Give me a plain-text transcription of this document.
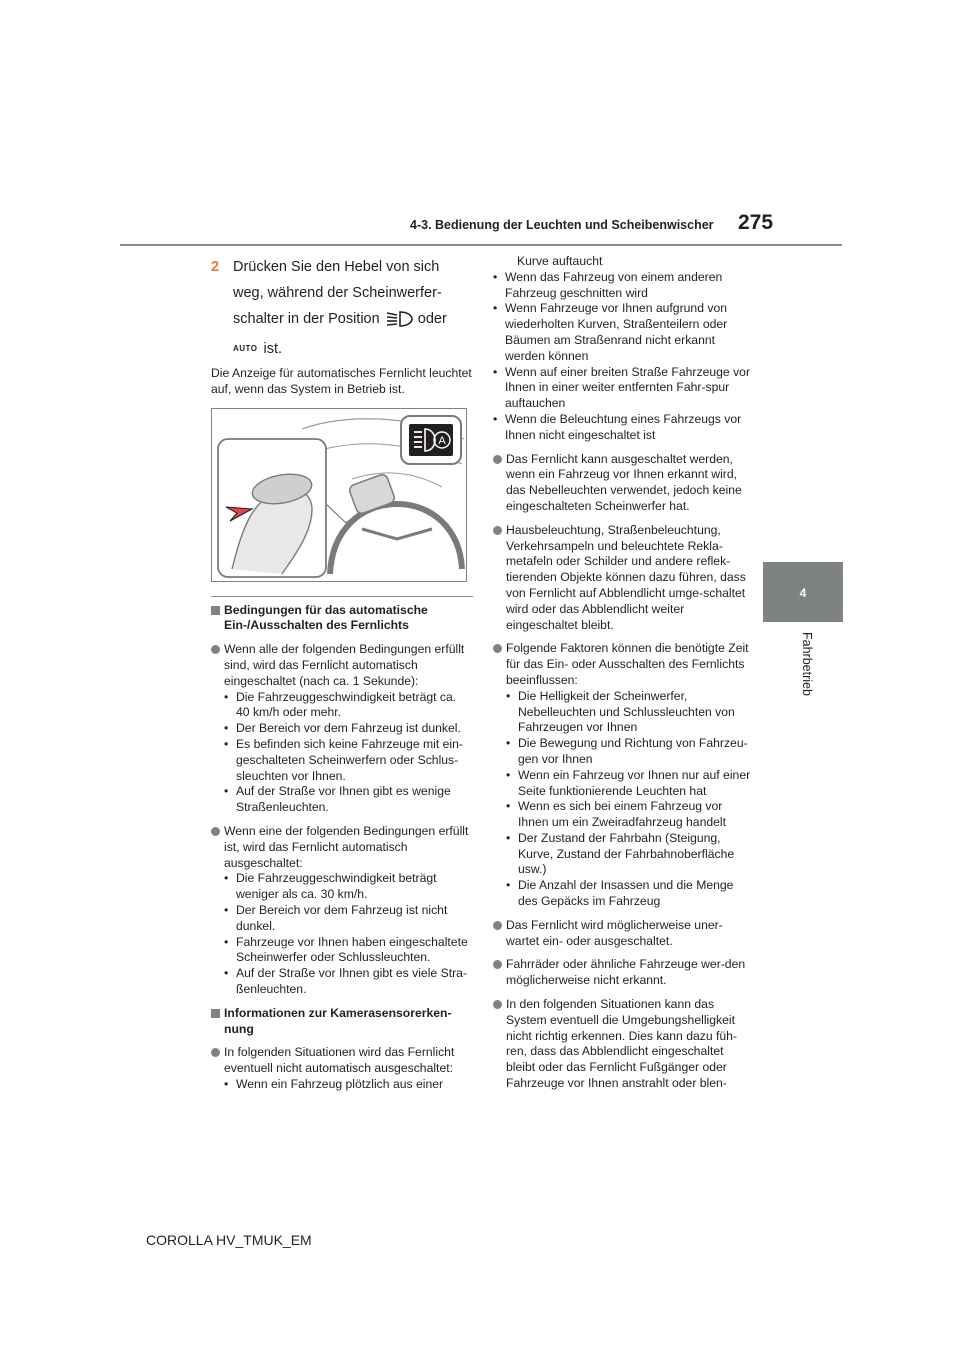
4-3. Bedienung der Leuchten und Scheibenwischer 275
4
Fahrbetrieb
2 Drücken Sie den Hebel von sich weg, während der Scheinwerfer-schalter in der Position	oder
AUTO ist.

Die Anzeige für automatisches Fernlicht leuchtet auf, wenn das System in Betrieb ist.

A
Bedingungen für das automatische Ein-/Ausschalten des Fernlichts

Wenn alle der folgenden Bedingungen erfüllt sind, wird das Fernlicht automatisch eingeschaltet (nach ca. 1 Sekunde):

• Die Fahrzeuggeschwindigkeit beträgt ca. 40 km/h oder mehr.
• Der Bereich vor dem Fahrzeug ist dunkel.
• Es befinden sich keine Fahrzeuge mit ein-geschalteten Scheinwerfern oder Schlus-sleuchten vor Ihnen.
• Auf der Straße vor Ihnen gibt es wenige Straßenleuchten.

Wenn eine der folgenden Bedingungen erfüllt ist, wird das Fernlicht automatisch ausgeschaltet:

• Die Fahrzeuggeschwindigkeit beträgt weniger als ca. 30 km/h.
• Der Bereich vor dem Fahrzeug ist nicht dunkel.
• Fahrzeuge vor Ihnen haben eingeschaltete Scheinwerfer oder Schlussleuchten.
• Auf der Straße vor Ihnen gibt es viele Stra-ßenleuchten.
Informationen zur Kamerasensorerken-nung

In folgenden Situationen wird das Fernlicht eventuell nicht automatisch ausgeschaltet:

• Wenn ein Fahrzeug plötzlich aus einer

Kurve auftaucht

• Wenn das Fahrzeug von einem anderen Fahrzeug geschnitten wird
• Wenn Fahrzeuge vor Ihnen aufgrund von wiederholten Kurven, Straßenteilern oder Bäumen am Straßenrand nicht erkannt werden können
• Wenn auf einer breiten Straße Fahrzeuge vor Ihnen in einer weiter entfernten Fahr-spur auftauchen
• Wenn die Beleuchtung eines Fahrzeugs vor Ihnen nicht eingeschaltet ist

Das Fernlicht kann ausgeschaltet werden, wenn ein Fahrzeug vor Ihnen erkannt wird, das Nebelleuchten verwendet, jedoch keine eingeschalteten Scheinwerfer hat.

Hausbeleuchtung, Straßenbeleuchtung, Verkehrsampeln und beleuchtete Rekla-metafeln oder Schilder und andere reflek-tierenden Objekte können dazu führen, dass von Fernlicht auf Abblendlicht umge-schaltet wird oder das Abblendlicht weiter eingeschaltet bleibt.

Folgende Faktoren können die benötigte Zeit für das Ein- oder Ausschalten des Fernlichts beeinflussen:

• Die Helligkeit der Scheinwerfer, Nebelleuchten und Schlussleuchten von Fahrzeugen vor Ihnen
• Die Bewegung und Richtung von Fahrzeu-gen vor Ihnen
• Wenn ein Fahrzeug vor Ihnen nur auf einer Seite funktionierende Leuchten hat
• Wenn es sich bei einem Fahrzeug vor Ihnen um ein Zweiradfahrzeug handelt
• Der Zustand der Fahrbahn (Steigung, Kurve, Zustand der Fahrbahnoberfläche usw.)
• Die Anzahl der Insassen und die Menge des Gepäcks im Fahrzeug

Das Fernlicht wird möglicherweise uner-wartet ein- oder ausgeschaltet.

Fahrräder oder ähnliche Fahrzeuge wer-den möglicherweise nicht erkannt.

In den folgenden Situationen kann das System eventuell die Umgebungshelligkeit nicht richtig erkennen. Dies kann dazu füh-ren, dass das Abblendlicht eingeschaltet bleibt oder das Fernlicht Fußgänger oder Fahrzeuge vor Ihnen anstrahlt oder blen-

COROLLA HV_TMUK_EM
